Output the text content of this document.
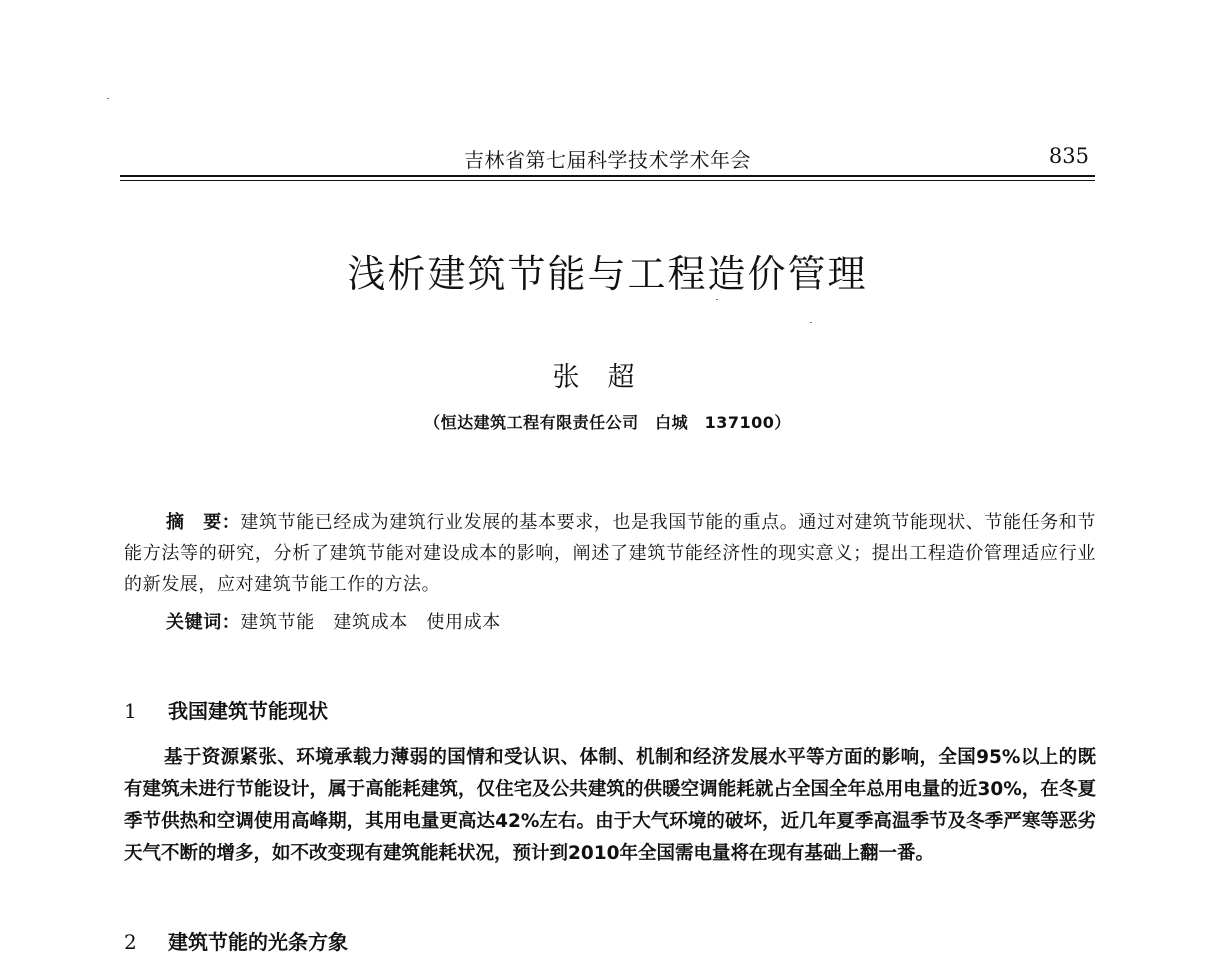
吉林省第七届科学技术学术年会	835
浅析建筑节能与工程造价管理
张超
（恒达建筑工程有限责任公司　白城　137100）
摘　要：建筑节能已经成为建筑行业发展的基本要求，也是我国节能的重点。通过对建筑节能现状、节能任务和节能方法等的研究，分析了建筑节能对建设成本的影响，阐述了建筑节能经济性的现实意义；提出工程造价管理适应行业的新发展，应对建筑节能工作的方法。
关键词：建筑节能　建筑成本　使用成本
1 我国建筑节能现状
基于资源紧张、环境承载力薄弱的国情和受认识、体制、机制和经济发展水平等方面的影响，全国95%以上的既有建筑未进行节能设计，属于高能耗建筑，仅住宅及公共建筑的供暖空调能耗就占全国全年总用电量的近30%，在冬夏季节供热和空调使用高峰期，其用电量更高达42%左右。由于大气环境的破坏，近几年夏季高温季节及冬季严寒等恶劣天气不断的增多，如不改变现有建筑能耗状况，预计到2010年全国需电量将在现有基础上翻一番。
2 建筑节能的光条方象
